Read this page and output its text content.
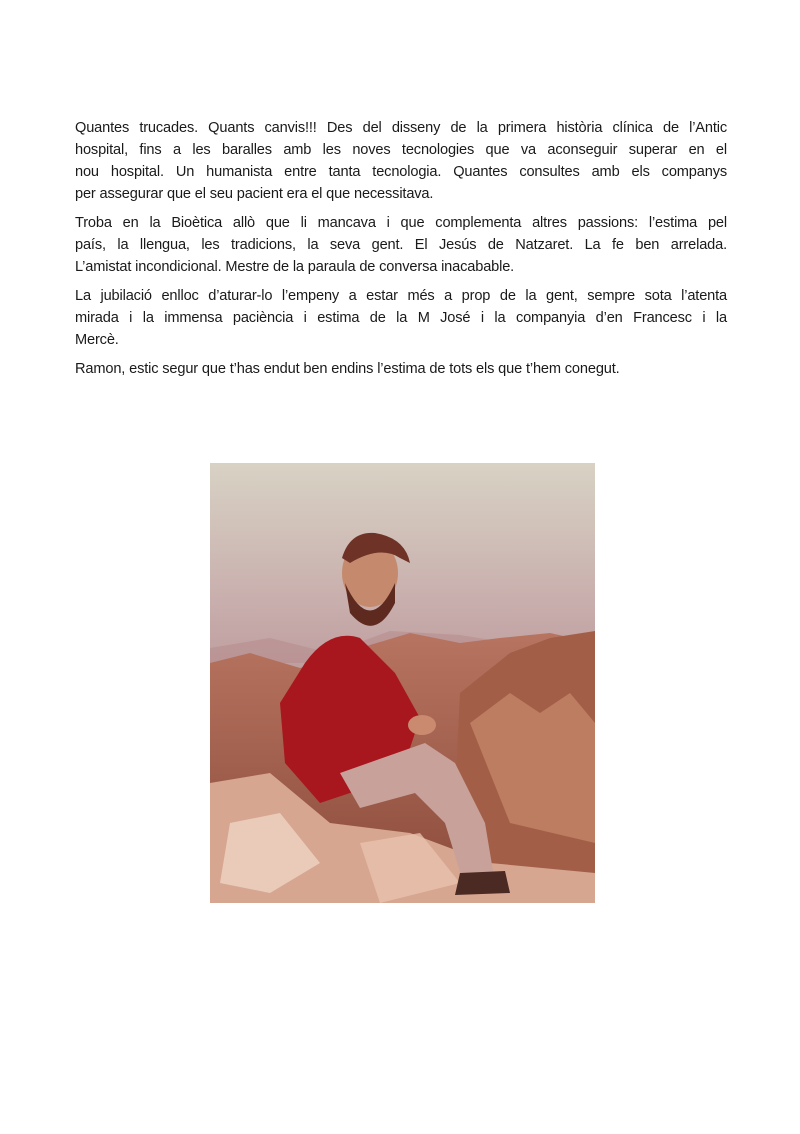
Quantes trucades. Quants canvis!!! Des del disseny de la primera història clínica de l’Antic
hospital, fins a les baralles amb les noves tecnologies que va aconseguir superar en el
nou hospital. Un humanista entre tanta tecnologia. Quantes consultes amb els companys
per assegurar que el seu pacient era el que necessitava.

Troba en la Bioètica allò que li mancava i que complementa altres passions: l’estima pel
país, la llengua, les tradicions, la seva gent. El Jesús de Natzaret. La fe ben arrelada.
L’amistat incondicional. Mestre de la paraula de conversa inacabable.

La jubilació enlloc d’aturar-lo l’empeny a estar més a prop de la gent, sempre sota l’atenta
mirada i la immensa paciència i estima de la M José i la companyia d’en Francesc i la
Mercè.

Ramon, estic segur que t’has endut ben endins l’estima de tots els que t’hem conegut.
